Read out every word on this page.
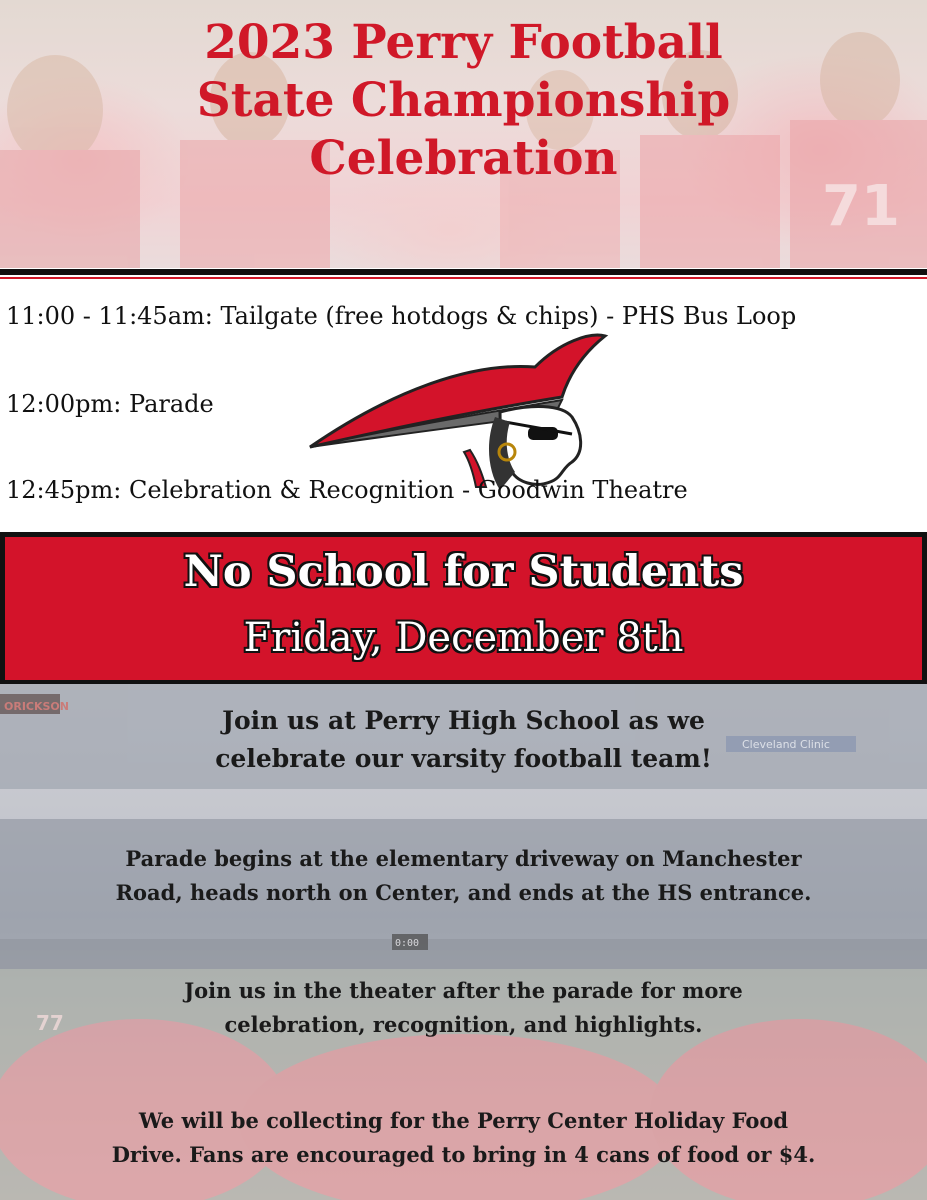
71
2023 Perry Football
State Championship
Celebration

11:00 - 11:45am: Tailgate (free hotdogs & chips) - PHS Bus Loop

12:00pm: Parade

12:45pm: Celebration & Recognition - Goodwin Theatre

No School for Students

Friday, December 8th

ORICKSON
Cleveland Clinic
0:00
77

Join us at Perry High School as we
celebrate our varsity football team!

Parade begins at the elementary driveway on Manchester
Road, heads north on Center, and ends at the HS entrance.

Join us in the theater after the parade for more
celebration, recognition, and highlights.

We will be collecting for the Perry Center Holiday Food
Drive. Fans are encouraged to bring in 4 cans of food or $4.
